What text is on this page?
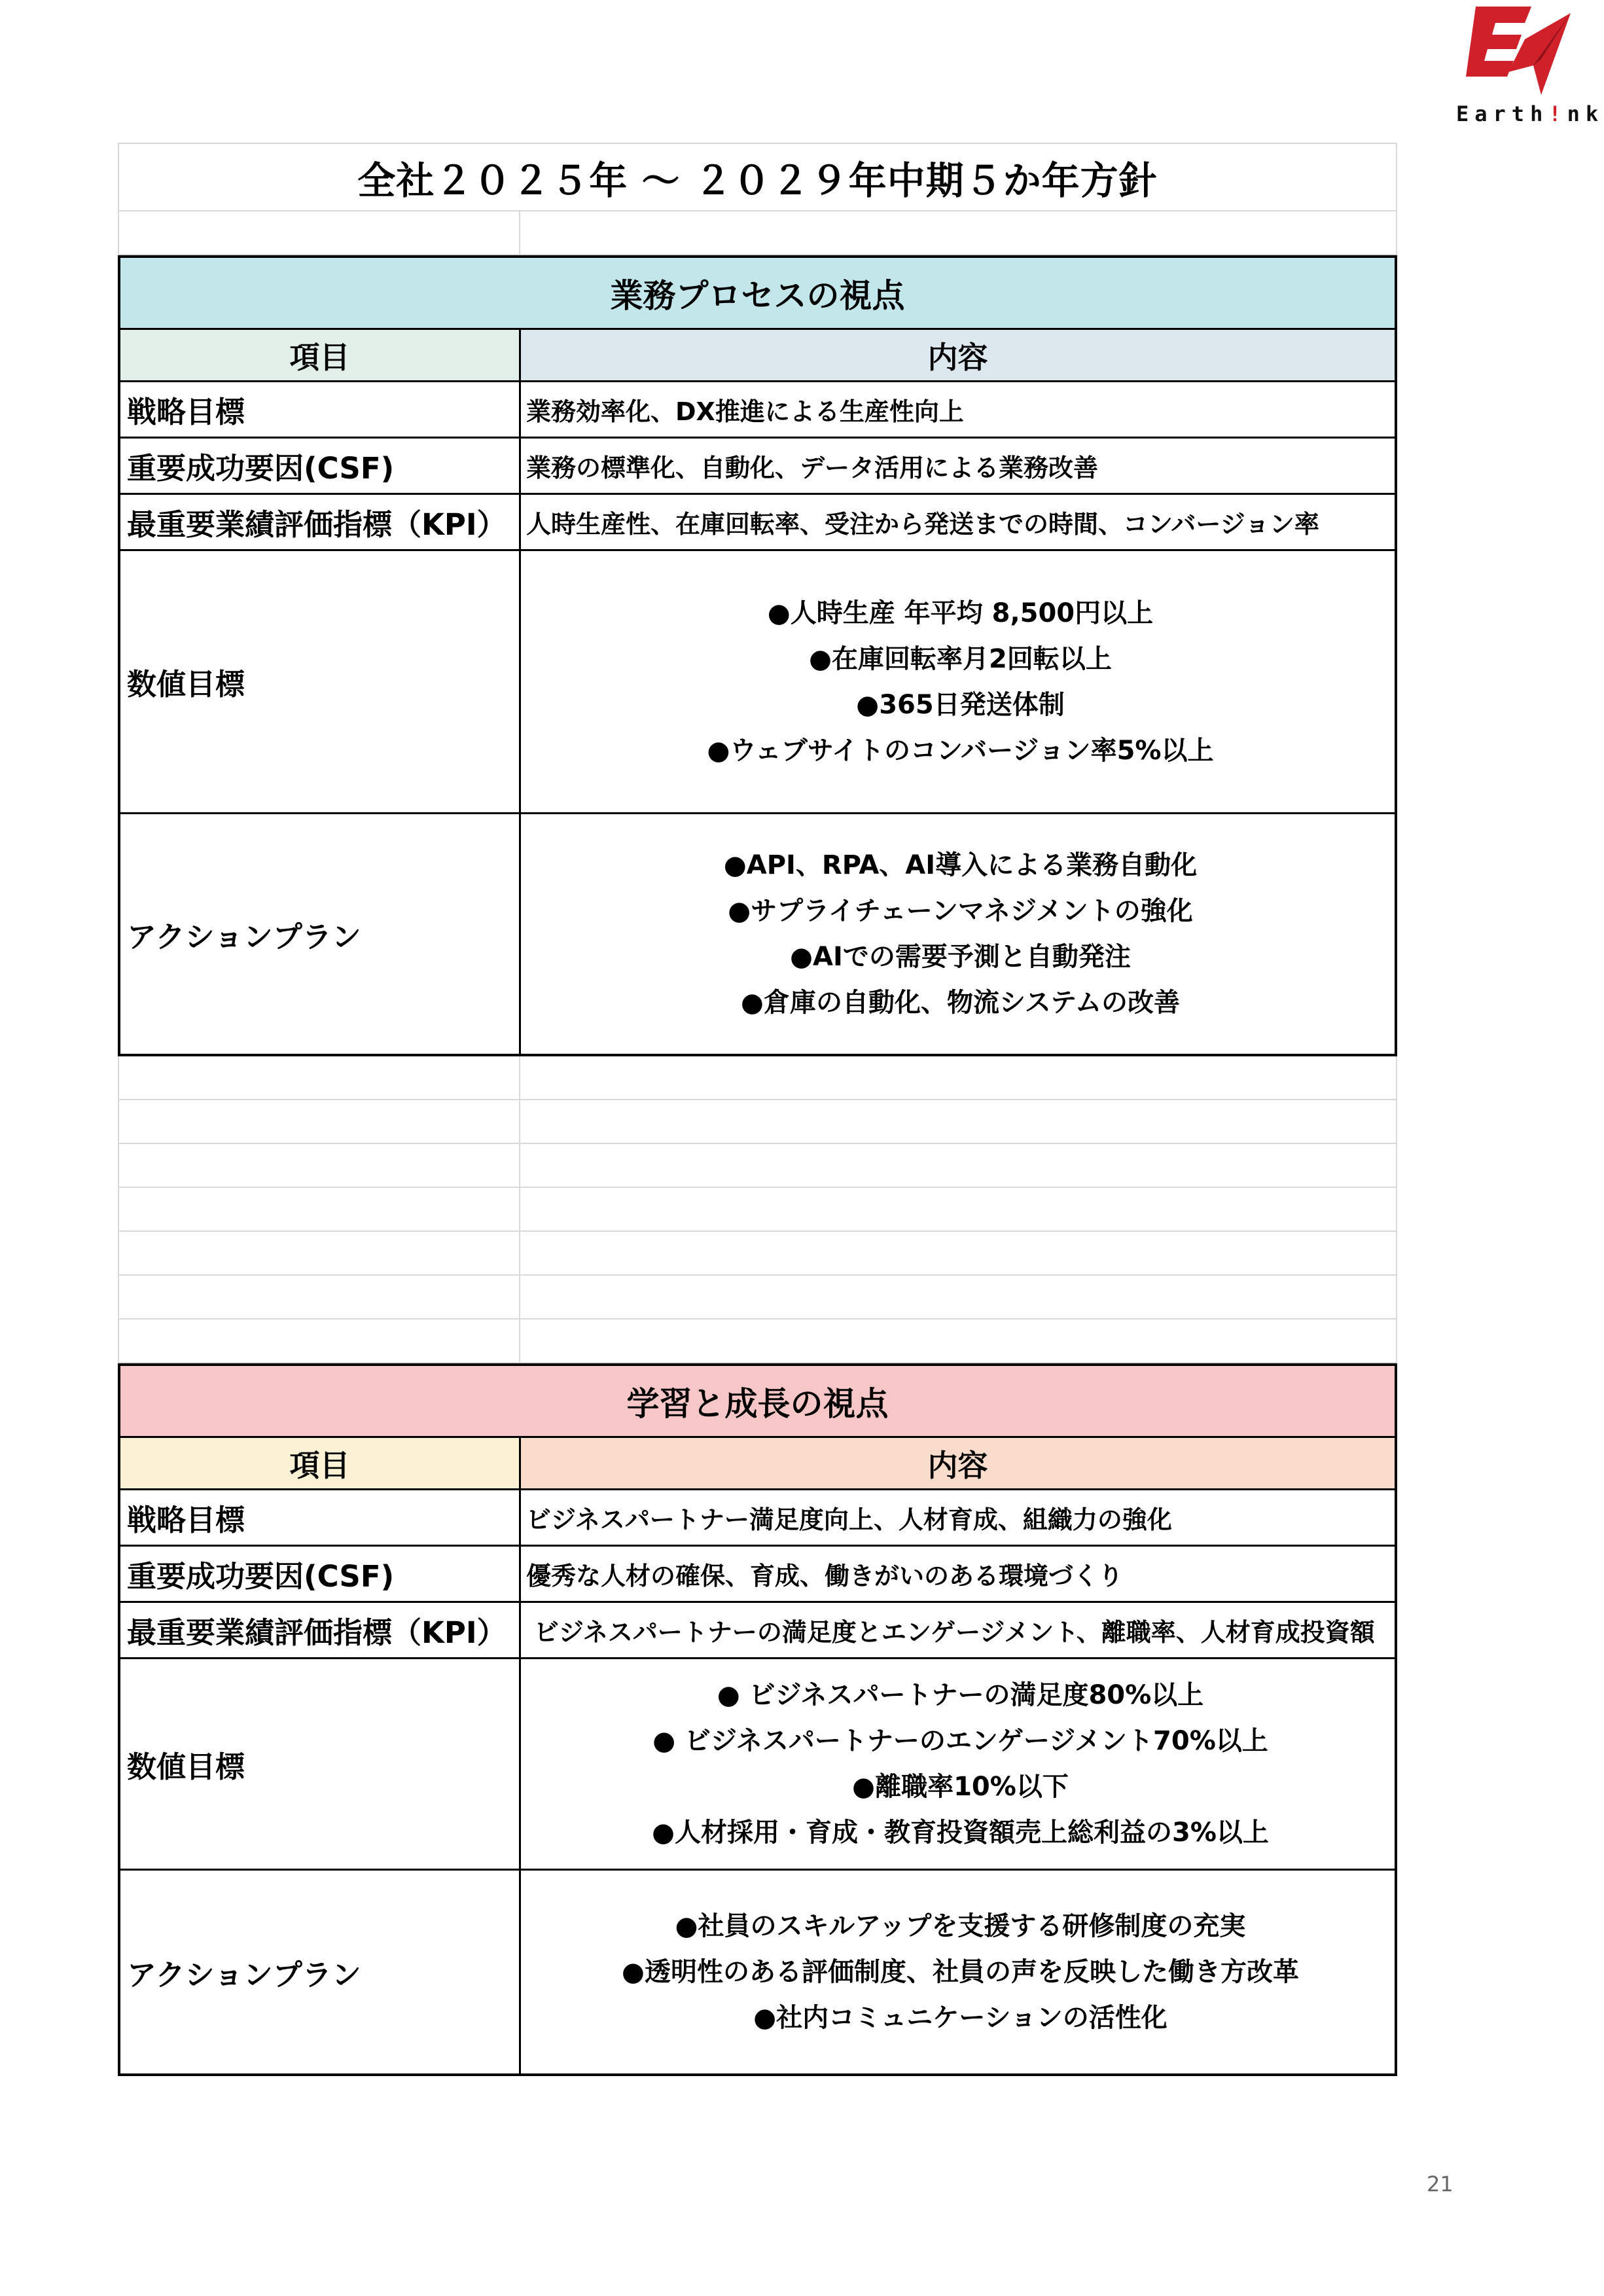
Earth!nk
全社２０２５年 ～ ２０２９年中期５か年方針
業務プロセスの視点
項目	内容
戦略目標	業務効率化、DX推進による生産性向上
重要成功要因(CSF)	業務の標準化、自動化、データ活用による業務改善
最重要業績評価指標（KPI） 人時生産性、在庫回転率、受注から発送までの時間、コンバージョン率
数値目標
●人時生産 年平均 8,500円以上
●在庫回転率月2回転以上
●365日発送体制
●ウェブサイトのコンバージョン率5%以上
アクションプラン
●API、RPA、AI導入による業務自動化
●サプライチェーンマネジメントの強化
●AIでの需要予測と自動発注
●倉庫の自動化、物流システムの改善
学習と成長の視点
項目	内容
戦略目標	ビジネスパートナー満足度向上、人材育成、組織力の強化
重要成功要因(CSF)	優秀な人材の確保、育成、働きがいのある環境づくり
最重要業績評価指標（KPI）	ビジネスパートナーの満足度とエンゲージメント、離職率、人材育成投資額
数値目標
● ビジネスパートナーの満足度80%以上
● ビジネスパートナーのエンゲージメント70%以上
●離職率10%以下
●人材採用・育成・教育投資額売上総利益の3%以上
アクションプラン
●社員のスキルアップを支援する研修制度の充実
●透明性のある評価制度、社員の声を反映した働き方改革
●社内コミュニケーションの活性化
21
